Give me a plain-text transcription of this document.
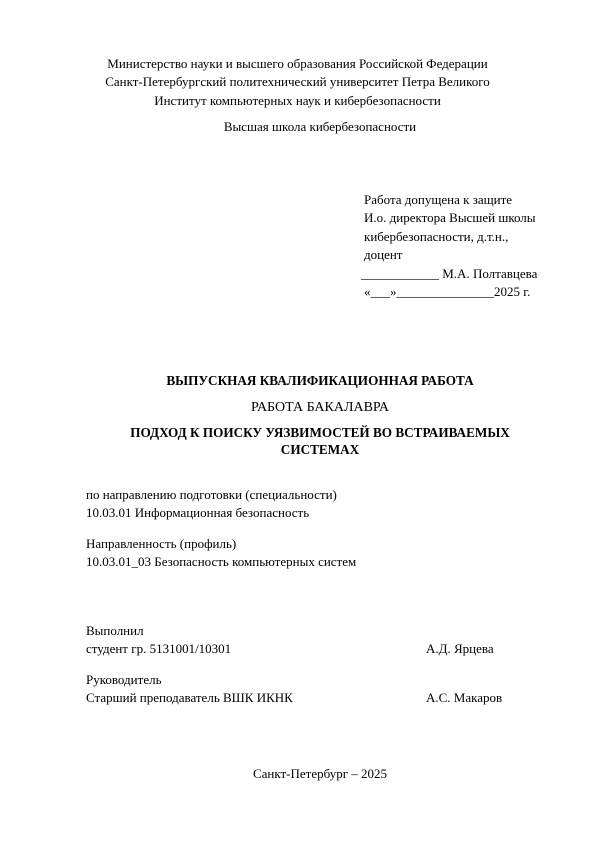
Министерство науки и высшего образования Российской Федерации
Санкт-Петербургский политехнический университет Петра Великого
Институт компьютерных наук и кибербезопасности
Высшая школа кибербезопасности
Работа допущена к защите
И.о. директора Высшей школы
кибербезопасности, д.т.н.,
доцент
____________ М.А. Полтавцева
«___»_______________2025 г.
ВЫПУСКНАЯ КВАЛИФИКАЦИОННАЯ РАБОТА
РАБОТА БАКАЛАВРА
ПОДХОД К ПОИСКУ УЯЗВИМОСТЕЙ ВО ВСТРАИВАЕМЫХ
СИСТЕМАХ
по направлению подготовки (специальности)
10.03.01 Информационная безопасность
Направленность (профиль)
10.03.01_03 Безопасность компьютерных систем
Выполнил
студент гр. 5131001/10301	А.Д. Ярцева
Руководитель
Старший преподаватель ВШК ИКНК	А.С. Макаров
Санкт-Петербург – 2025
